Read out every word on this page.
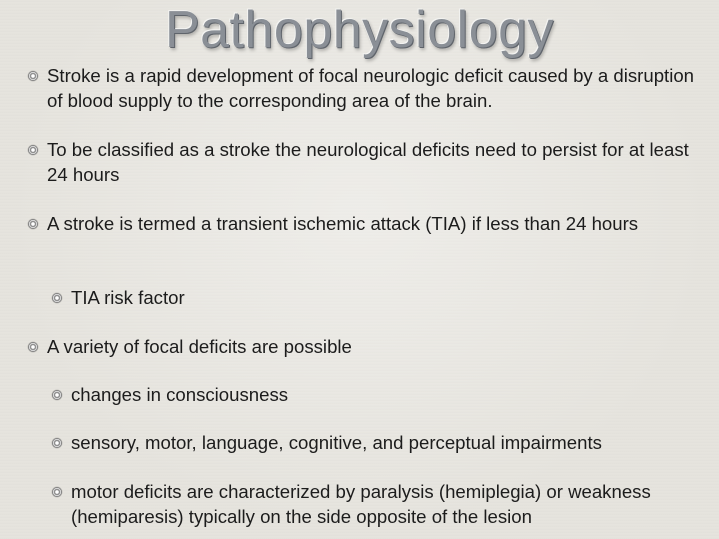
Pathophysiology
Stroke is a rapid development of focal neurologic deficit caused by a disruption of blood supply to the corresponding area of the brain.
To be classified as a stroke the neurological deficits need to persist for at least 24 hours
A stroke is termed a transient ischemic attack (TIA) if less than 24 hours
TIA risk factor
A variety of focal deficits are possible
changes in consciousness
sensory, motor, language, cognitive, and perceptual impairments
motor deficits are characterized by paralysis (hemiplegia) or weakness (hemiparesis) typically on the side opposite of the lesion
